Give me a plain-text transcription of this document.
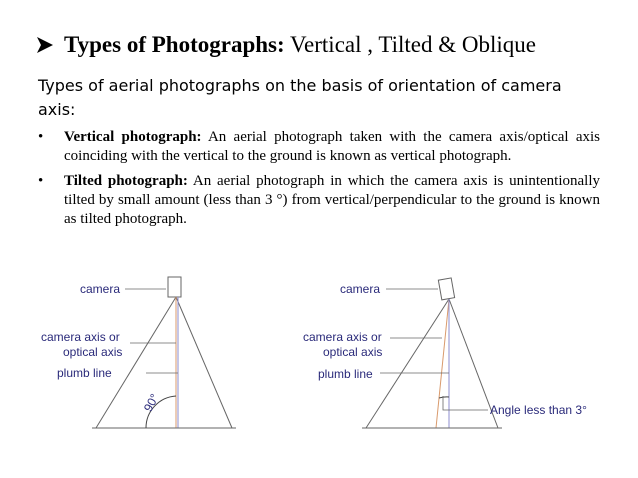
Types of Photographs: Vertical , Tilted & Oblique
Types of aerial photographs on the basis of orientation of camera axis:
• Vertical photograph: An aerial photograph taken with the camera axis/optical axis coinciding with the vertical to the ground is known as vertical photograph.
• Tilted photograph: An aerial photograph in which the camera axis is unintentionally tilted by small amount (less than 3 °) from vertical/perpendicular to the ground is known as tilted photograph.
camera
camera axis or
optical axis
plumb line
90°
camera
camera axis or
optical axis
plumb line
Angle less than 3°
